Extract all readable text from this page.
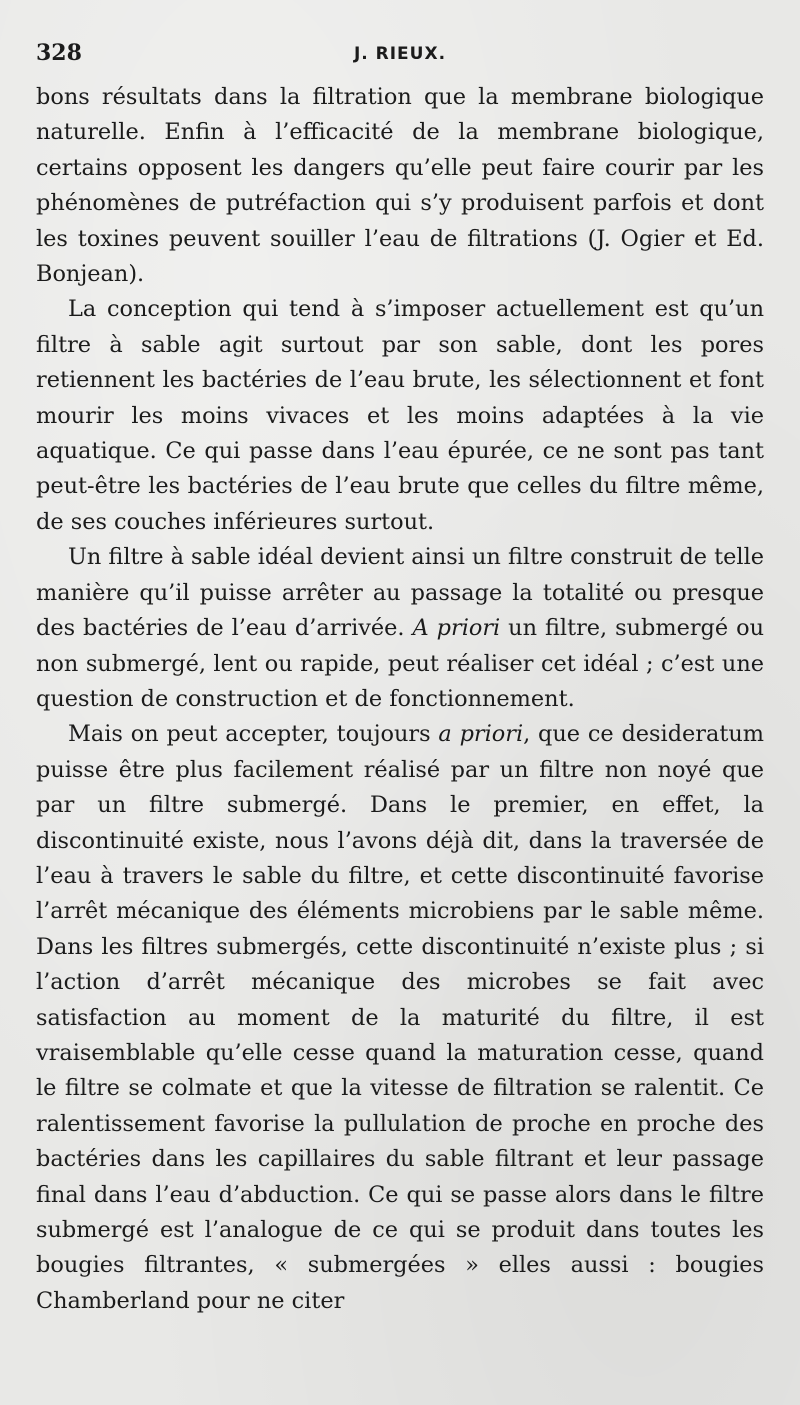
328	J. RIEUX.

bons résultats dans la filtration que la membrane biologique naturelle. Enfin à l’efficacité de la membrane biologique, certains opposent les dangers qu’elle peut faire courir par les phénomènes de putréfaction qui s’y produisent parfois et dont les toxines peuvent souiller l’eau de filtrations (J. Ogier et Ed. Bonjean).

La conception qui tend à s’imposer actuellement est qu’un filtre à sable agit surtout par son sable, dont les pores retiennent les bactéries de l’eau brute, les sélectionnent et font mourir les moins vivaces et les moins adaptées à la vie aquatique. Ce qui passe dans l’eau épurée, ce ne sont pas tant peut-être les bactéries de l’eau brute que celles du filtre même, de ses couches inférieures surtout.

Un filtre à sable idéal devient ainsi un filtre construit de telle manière qu’il puisse arrêter au passage la totalité ou presque des bactéries de l’eau d’arrivée. A priori un filtre, submergé ou non submergé, lent ou rapide, peut réaliser cet idéal ; c’est une question de construction et de fonctionnement.

Mais on peut accepter, toujours a priori, que ce desideratum puisse être plus facilement réalisé par un filtre non noyé que par un filtre submergé. Dans le premier, en effet, la discontinuité existe, nous l’avons déjà dit, dans la traversée de l’eau à travers le sable du filtre, et cette discontinuité favorise l’arrêt mécanique des éléments microbiens par le sable même. Dans les filtres submergés, cette discontinuité n’existe plus ; si l’action d’arrêt mécanique des microbes se fait avec satisfaction au moment de la maturité du filtre, il est vraisemblable qu’elle cesse quand la maturation cesse, quand le filtre se colmate et que la vitesse de filtration se ralentit. Ce ralentissement favorise la pullulation de proche en proche des bactéries dans les capillaires du sable filtrant et leur passage final dans l’eau d’abduction. Ce qui se passe alors dans le filtre submergé est l’analogue de ce qui se produit dans toutes les bougies filtrantes, « submergées » elles aussi : bougies Chamberland pour ne citer
